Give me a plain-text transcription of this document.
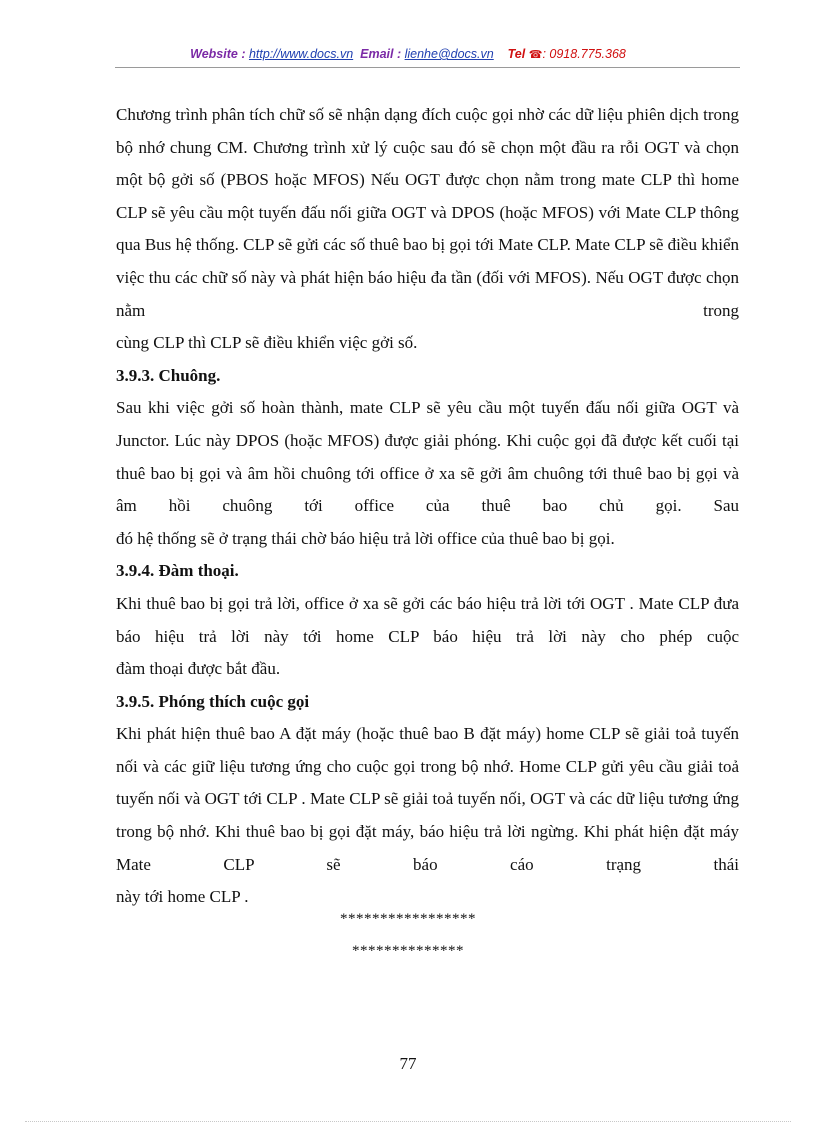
Website : http://www.docs.vn Email : lienhe@docs.vn Tel ☎: 0918.775.368

Chương trình phân tích chữ số sẽ nhận dạng đích cuộc gọi nhờ các dữ liệu phiên dịch trong bộ nhớ chung CM. Chương trình xử lý cuộc sau đó sẽ chọn một đầu ra rỗi OGT và chọn một bộ gởi số (PBOS hoặc MFOS) Nếu OGT được chọn nằm trong mate CLP thì home CLP sẽ yêu cầu một tuyến đấu nối giữa OGT và DPOS (hoặc MFOS) với Mate CLP thông qua Bus hệ thống. CLP sẽ gửi các số thuê bao bị gọi tới Mate CLP. Mate CLP sẽ điều khiển việc thu các chữ số này và phát hiện báo hiệu đa tần (đối với MFOS). Nếu OGT được chọn nằm trong
cùng CLP thì CLP sẽ điều khiển việc gởi số.

3.9.3. Chuông.

Sau khi việc gởi số hoàn thành, mate CLP sẽ yêu cầu một tuyến đấu nối giữa OGT và Junctor. Lúc này DPOS (hoặc MFOS) được giải phóng. Khi cuộc gọi đã được kết cuối tại thuê bao bị gọi và âm hồi chuông tới office ở xa sẽ gởi âm chuông tới thuê bao bị gọi và âm hồi chuông tới office của thuê bao chủ gọi. Sau
đó hệ thống sẽ ở trạng thái chờ báo hiệu trả lời office của thuê bao bị gọi.

3.9.4. Đàm thoại.

Khi thuê bao bị gọi trả lời, office ở xa sẽ gởi các báo hiệu trả lời tới OGT . Mate CLP đưa báo hiệu trả lời này tới home CLP báo hiệu trả lời này cho phép cuộc
đàm thoại được bắt đầu.

3.9.5. Phóng thích cuộc gọi

Khi phát hiện thuê bao A đặt máy (hoặc thuê bao B đặt máy) home CLP sẽ giải toả tuyến nối và các giữ liệu tương ứng cho cuộc gọi trong bộ nhớ. Home CLP gửi yêu cầu giải toả tuyến nối và OGT tới CLP . Mate CLP sẽ giải toả tuyến nối, OGT và các dữ liệu tương ứng trong bộ nhớ. Khi thuê bao bị gọi đặt máy, báo hiệu trả lời ngừng. Khi phát hiện đặt máy Mate CLP sẽ báo cáo trạng thái
này tới home CLP .

*****************
**************
77
